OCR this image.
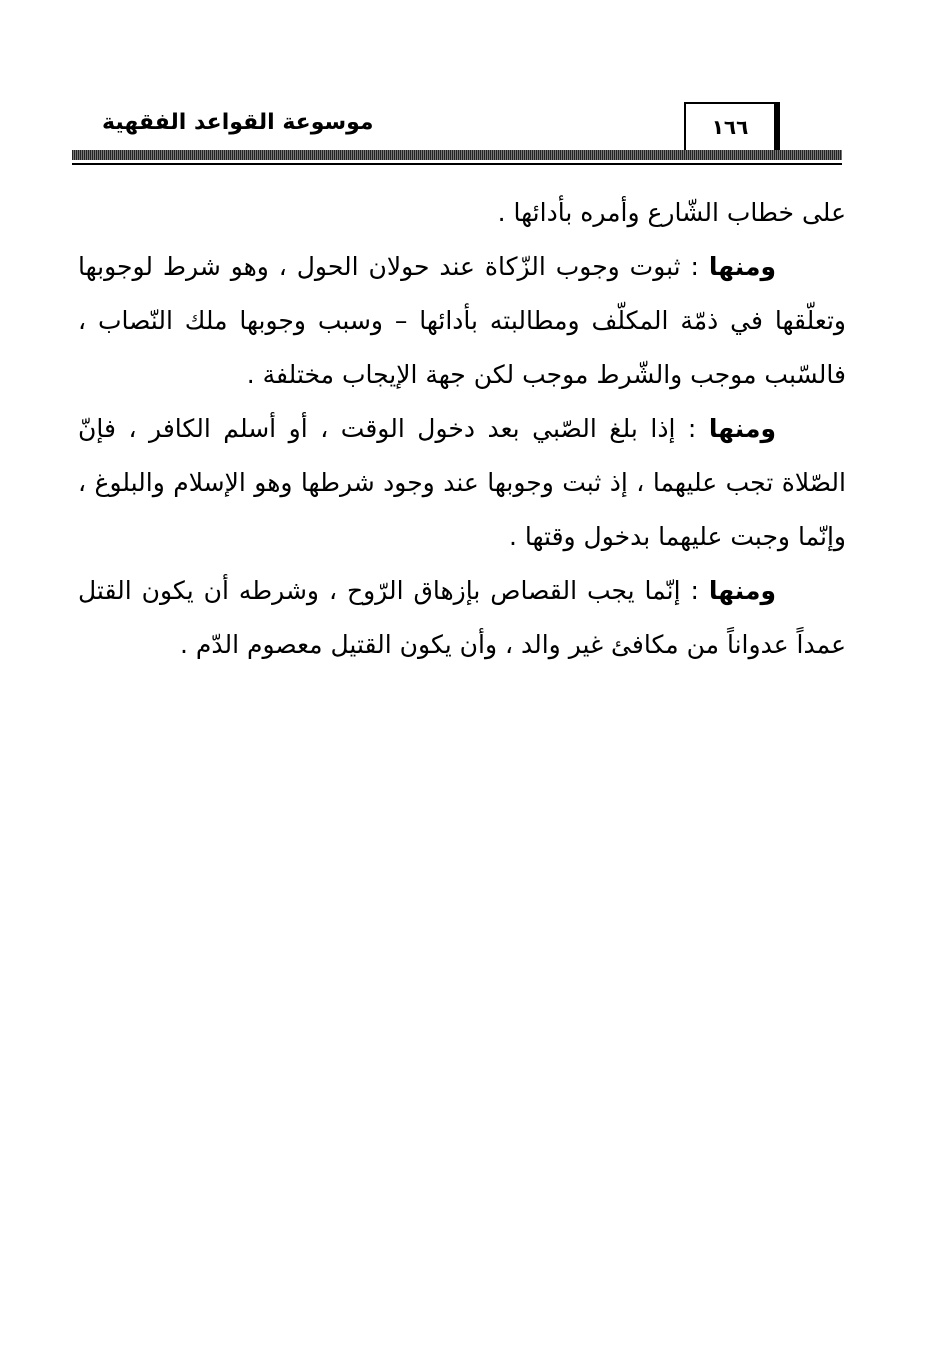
موسوعة القواعد الفقهية	١٦٦

على خطاب الشّارع وأمره بأدائها .

ومنها : ثبوت وجوب الزّكاة عند حولان الحول ، وهو شرط لوجوبها وتعلّقها في ذمّة المكلّف ومطالبته بأدائها – وسبب وجوبها ملك النّصاب ، فالسّبب موجب والشّرط موجب لكن جهة الإيجاب مختلفة .

ومنها : إذا بلغ الصّبي بعد دخول الوقت ، أو أسلم الكافر ، فإنّ الصّلاة تجب عليهما ، إذ ثبت وجوبها عند وجود شرطها وهو الإسلام والبلوغ ، وإنّما وجبت عليهما بدخول وقتها .

ومنها : إنّما يجب القصاص بإزهاق الرّوح ، وشرطه أن يكون القتل عمداً عدواناً من مكافئ غير والد ، وأن يكون القتيل معصوم الدّم .
